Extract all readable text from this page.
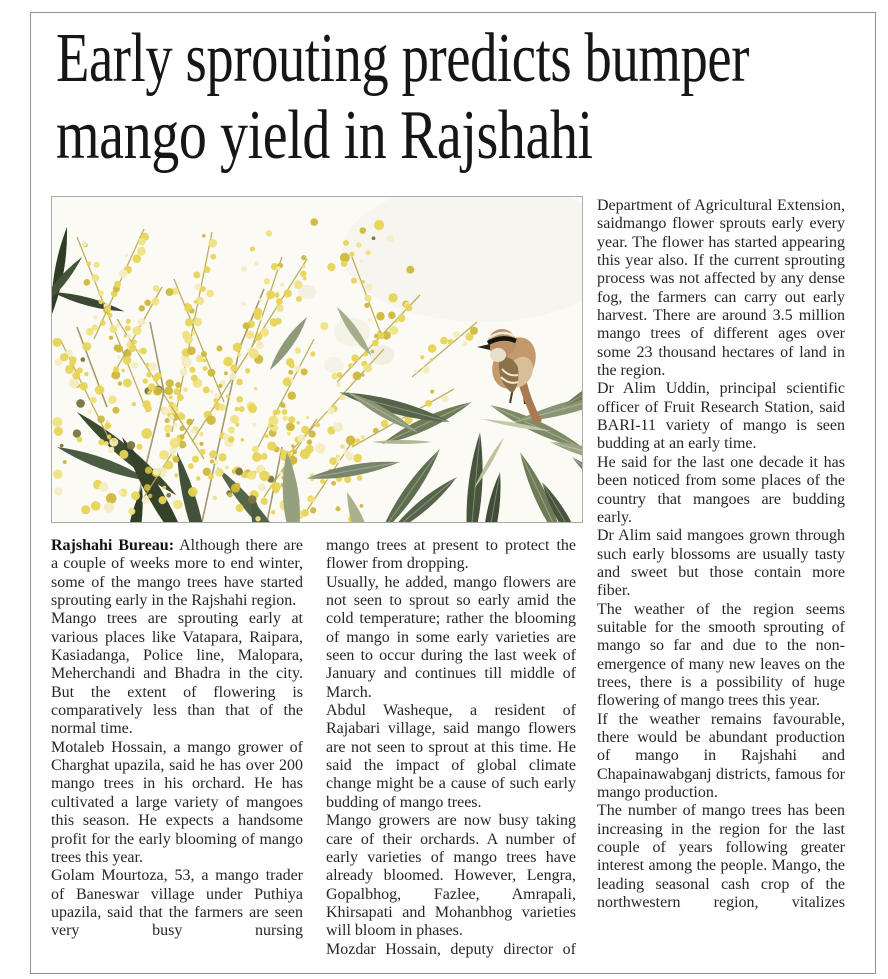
Early sprouting predicts bumper
mango yield in Rajshahi

Rajshahi Bureau: Although there are a couple of weeks more to end winter, some of the mango trees have started sprouting early in the Rajshahi region.

Mango trees are sprouting early at various places like Vatapara, Raipara, Kasiadanga, Police line, Malopara, Meherchandi and Bhadra in the city. But the extent of flowering is comparatively less than that of the normal time.

Motaleb Hossain, a mango grower of Charghat upazila, said he has over 200 mango trees in his orchard. He has cultivated a large variety of mangoes this season. He expects a handsome profit for the early blooming of mango trees this year.

Golam Mourtoza, 53, a mango trader of Baneswar village under Puthiya upazila, said that the farmers are seen very busy nursing

mango trees at present to protect the flower from dropping.

Usually, he added, mango flowers are not seen to sprout so early amid the cold temperature; rather the blooming of mango in some early varieties are seen to occur during the last week of January and continues till middle of March.

Abdul Washeque, a resident of Rajabari village, said mango flowers are not seen to sprout at this time. He said the impact of global climate change might be a cause of such early budding of mango trees.

Mango growers are now busy taking care of their orchards. A number of early varieties of mango trees have already bloomed. However, Lengra, Gopalbhog, Fazlee, Amrapali, Khirsapati and Mohanbhog varieties will bloom in phases.

Mozdar Hossain, deputy director of

Department of Agricultural Extension, saidmango flower sprouts early every year. The flower has started appearing this year also. If the current sprouting process was not affected by any dense fog, the farmers can carry out early harvest. There are around 3.5 million mango trees of different ages over some 23 thousand hectares of land in the region.

Dr Alim Uddin, principal scientific officer of Fruit Research Station, said BARI-11 variety of mango is seen budding at an early time.

He said for the last one decade it has been noticed from some places of the country that mangoes are budding early.

Dr Alim said mangoes grown through such early blossoms are usually tasty and sweet but those contain more fiber.

The weather of the region seems suitable for the smooth sprouting of mango so far and due to the non-emergence of many new leaves on the trees, there is a possibility of huge flowering of mango trees this year.

If the weather remains favourable, there would be abundant production of mango in Rajshahi and Chapainawabganj districts, famous for mango production.

The number of mango trees has been increasing in the region for the last couple of years following greater interest among the people. Mango, the leading seasonal cash crop of the northwestern region, vitalizes
